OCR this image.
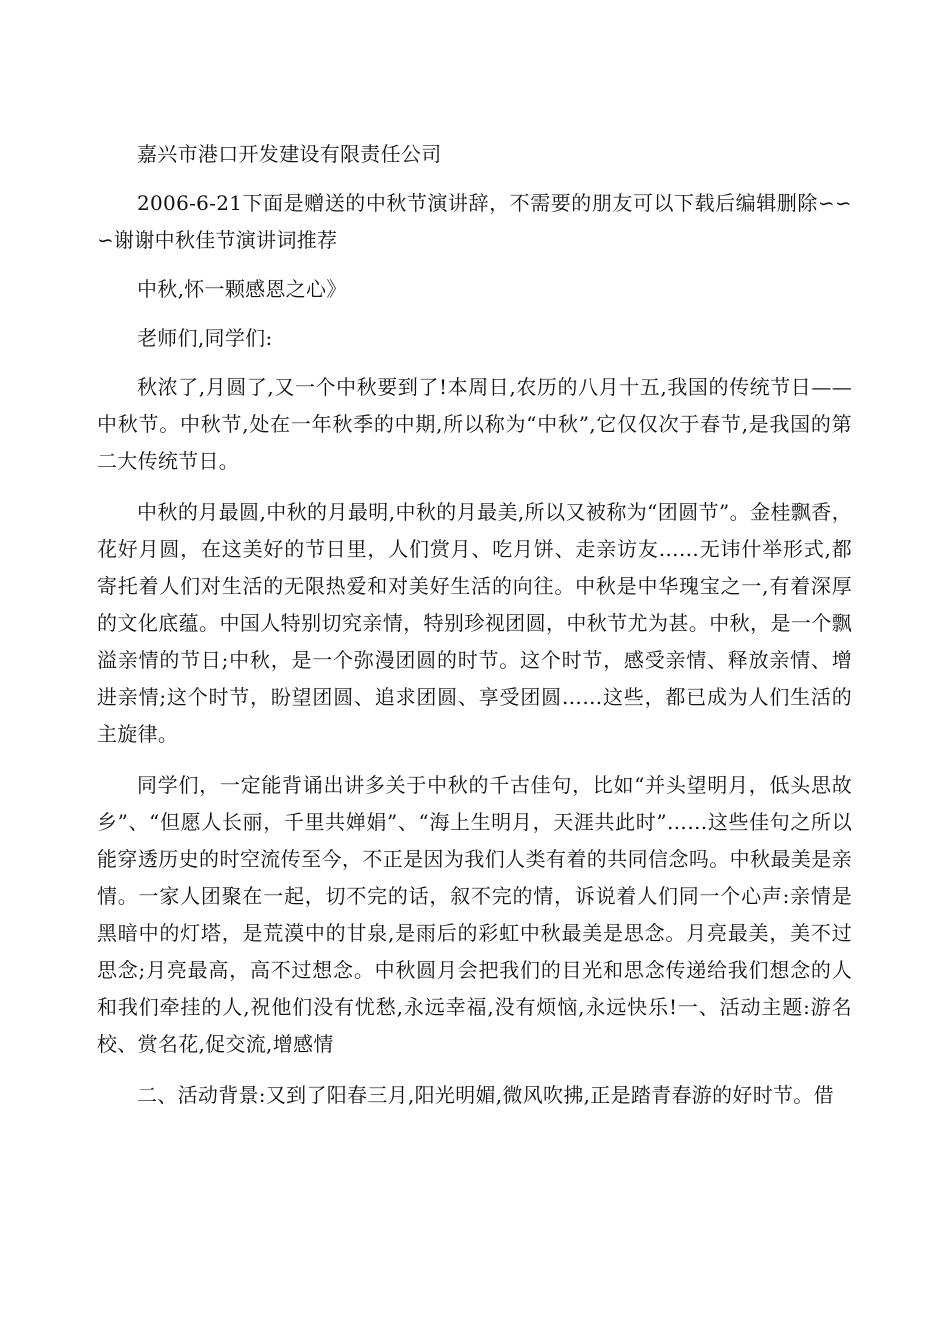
嘉兴市港口开发建设有限责任公司

2006-6-21下面是赠送的中秋节演讲辞，不需要的朋友可以下载后编辑删除∽∽∽谢谢中秋佳节演讲词推荐

中秋,怀一颗感恩之心》

老师们,同学们:

秋浓了,月圆了,又一个中秋要到了!本周日,农历的八月十五,我国的传统节日——中秋节。中秋节,处在一年秋季的中期,所以称为“中秋”,它仅仅次于春节,是我国的第二大传统节日。

中秋的月最圆,中秋的月最明,中秋的月最美,所以又被称为“团圆节”。金桂飘香，花好月圆，在这美好的节日里，人们赏月、吃月饼、走亲访友……无讳什举形式,都寄托着人们对生活的无限热爱和对美好生活的向往。中秋是中华瑰宝之一,有着深厚的文化底蕴。中国人特别切究亲情，特别珍视团圆，中秋节尤为甚。中秋，是一个飘溢亲情的节日;中秋，是一个弥漫团圆的时节。这个时节，感受亲情、释放亲情、增进亲情;这个时节，盼望团圆、追求团圆、享受团圆……这些，都已成为人们生活的主旋律。

同学们，一定能背诵出讲多关于中秋的千古佳句，比如“并头望明月，低头思故乡”、“但愿人长丽，千里共婵娟”、“海上生明月，天涯共此时”……这些佳句之所以能穿透历史的时空流传至今，不正是因为我们人类有着的共同信念吗。中秋最美是亲情。一家人团聚在一起，切不完的话，叙不完的情，诉说着人们同一个心声:亲情是黑暗中的灯塔，是荒漠中的甘泉,是雨后的彩虹中秋最美是思念。月亮最美，美不过思念;月亮最高，高不过想念。中秋圆月会把我们的目光和思念传递给我们想念的人和我们牵挂的人,祝他们没有忧愁,永远幸福,没有烦恼,永远快乐!一、活动主题:游名校、赏名花,促交流,增感情

二、活动背景:又到了阳春三月,阳光明媚,微风吹拂,正是踏青春游的好时节。借
